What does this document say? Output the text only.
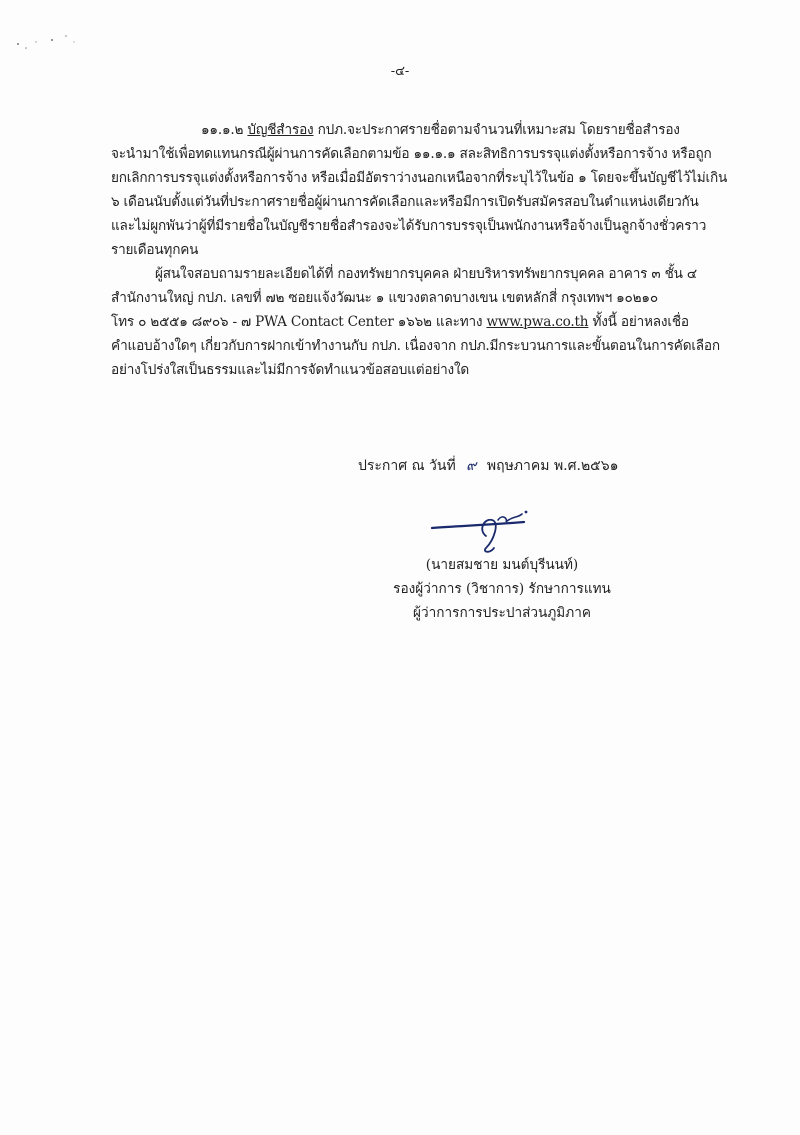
-๔-
๑๑.๑.๒ บัญชีสำรอง กปภ.จะประกาศรายชื่อตามจำนวนที่เหมาะสม โดยรายชื่อสำรอง
จะนำมาใช้เพื่อทดแทนกรณีผู้ผ่านการคัดเลือกตามข้อ ๑๑.๑.๑ สละสิทธิการบรรจุแต่งตั้งหรือการจ้าง หรือถูก
ยกเลิกการบรรจุแต่งตั้งหรือการจ้าง หรือเมื่อมีอัตราว่างนอกเหนือจากที่ระบุไว้ในข้อ ๑ โดยจะขึ้นบัญชีไว้ไม่เกิน
๖ เดือนนับตั้งแต่วันที่ประกาศรายชื่อผู้ผ่านการคัดเลือกและหรือมีการเปิดรับสมัครสอบในตำแหน่งเดียวกัน
และไม่ผูกพันว่าผู้ที่มีรายชื่อในบัญชีรายชื่อสำรองจะได้รับการบรรจุเป็นพนักงานหรือจ้างเป็นลูกจ้างชั่วคราว
รายเดือนทุกคน
ผู้สนใจสอบถามรายละเอียดได้ที่ กองทรัพยากรบุคคล ฝ่ายบริหารทรัพยากรบุคคล อาคาร ๓ ชั้น ๔
สำนักงานใหญ่ กปภ. เลขที่ ๗๒ ซอยแจ้งวัฒนะ ๑ แขวงตลาดบางเขน เขตหลักสี่ กรุงเทพฯ ๑๐๒๑๐
โทร ๐ ๒๕๕๑ ๘๙๐๖ - ๗ PWA Contact Center ๑๖๖๒ และทาง www.pwa.co.th ทั้งนี้ อย่าหลงเชื่อ
คำแอบอ้างใดๆ เกี่ยวกับการฝากเข้าทำงานกับ กปภ. เนื่องจาก กปภ.มีกระบวนการและขั้นตอนในการคัดเลือก
อย่างโปร่งใสเป็นธรรมและไม่มีการจัดทำแนวข้อสอบแต่อย่างใด
ประกาศ ณ วันที่ ๙ พฤษภาคม พ.ศ.๒๕๖๑
(นายสมชาย มนต์บุรีนนท์)
รองผู้ว่าการ (วิชาการ) รักษาการแทน
ผู้ว่าการการประปาส่วนภูมิภาค
